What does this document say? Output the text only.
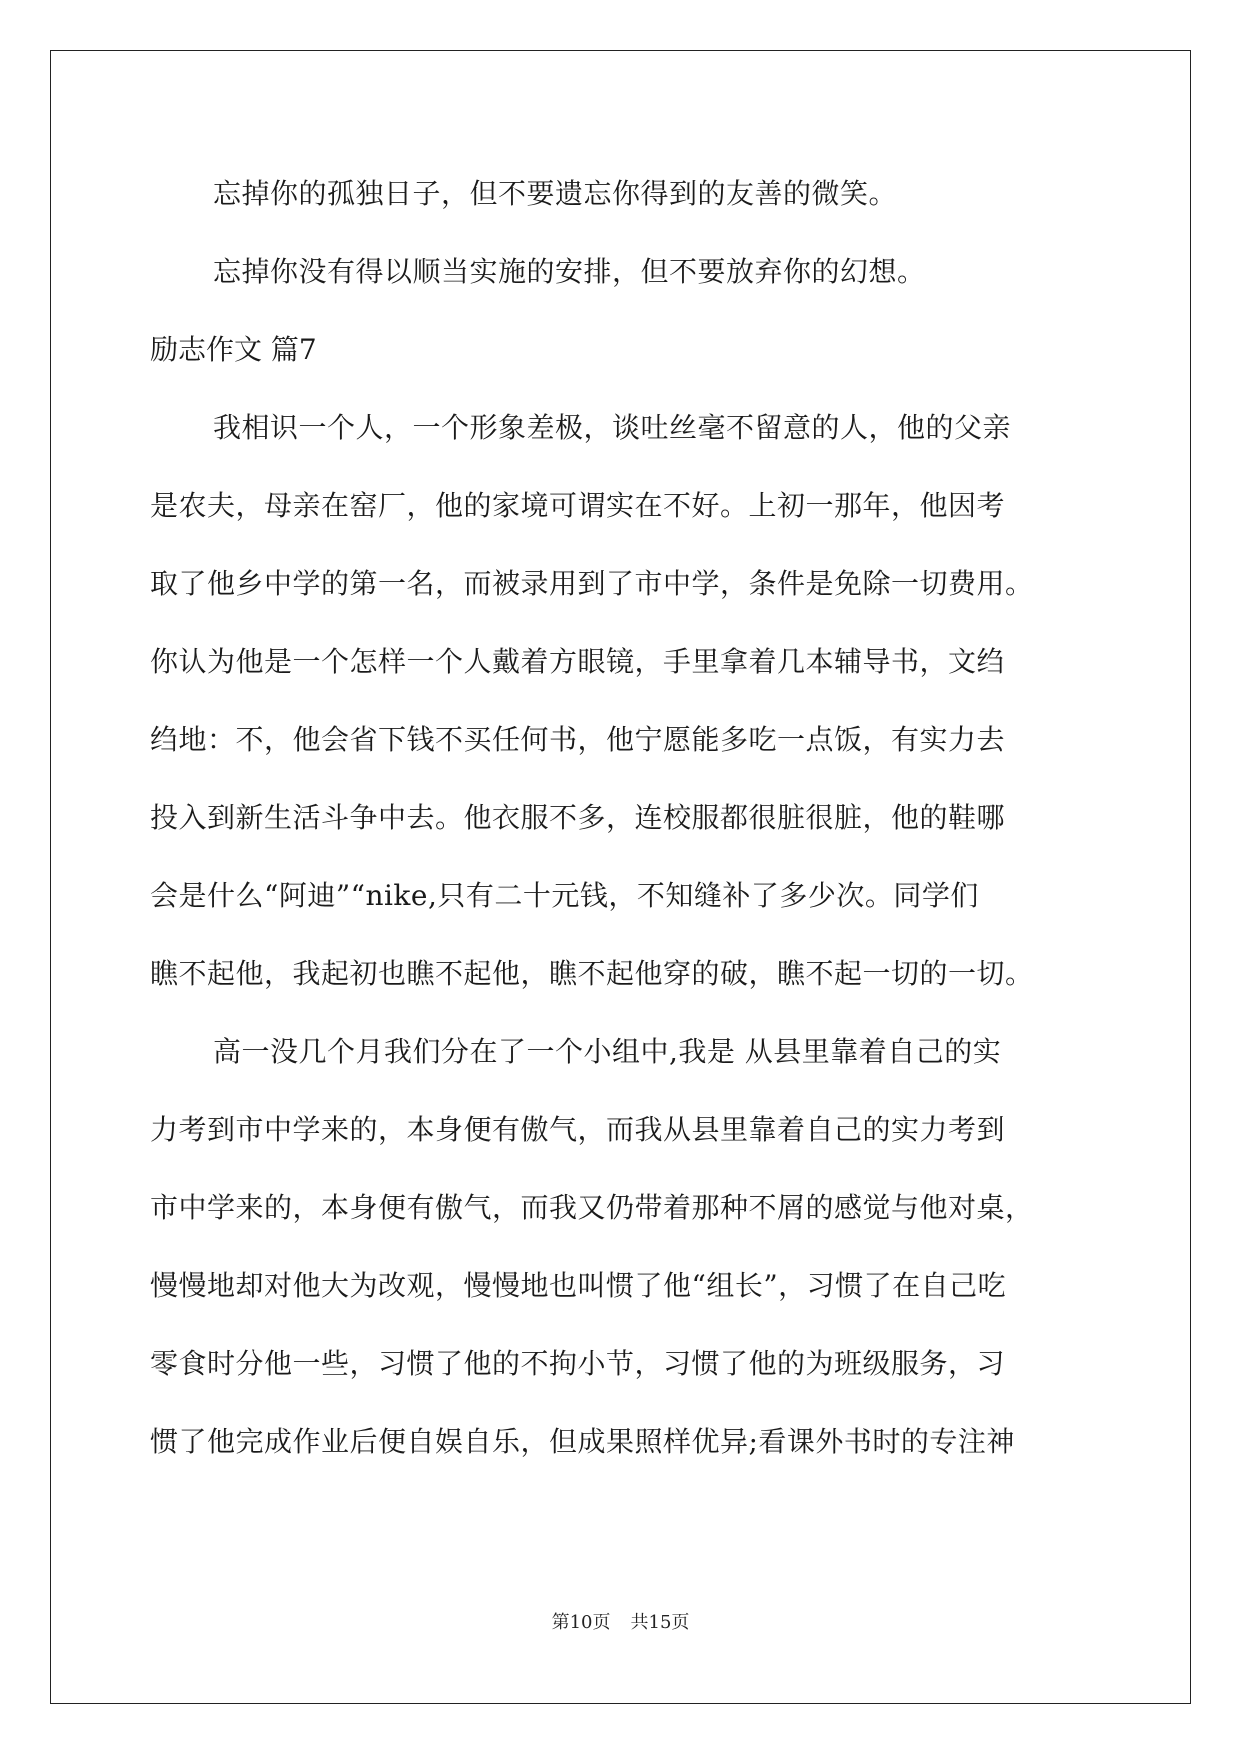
忘掉你的孤独日子，但不要遗忘你得到的友善的微笑。
忘掉你没有得以顺当实施的安排，但不要放弃你的幻想。
励志作文 篇7
我相识一个人，一个形象差极，谈吐丝毫不留意的人，他的父亲
是农夫，母亲在窑厂，他的家境可谓实在不好。上初一那年，他因考
取了他乡中学的第一名，而被录用到了市中学，条件是免除一切费用。
你认为他是一个怎样一个人戴着方眼镜，手里拿着几本辅导书，文绉
绉地：不，他会省下钱不买任何书，他宁愿能多吃一点饭，有实力去
投入到新生活斗争中去。他衣服不多，连校服都很脏很脏，他的鞋哪
会是什么“阿迪”“nike,只有二十元钱，不知缝补了多少次。同学们
瞧不起他，我起初也瞧不起他，瞧不起他穿的破，瞧不起一切的一切。
高一没几个月我们分在了一个小组中,我是 从县里靠着自己的实
力考到市中学来的，本身便有傲气，而我从县里靠着自己的实力考到
市中学来的，本身便有傲气，而我又仍带着那种不屑的感觉与他对桌，
慢慢地却对他大为改观，慢慢地也叫惯了他“组长”，习惯了在自己吃
零食时分他一些，习惯了他的不拘小节，习惯了他的为班级服务，习
惯了他完成作业后便自娱自乐，但成果照样优异;看课外书时的专注神
第10页 共15页
